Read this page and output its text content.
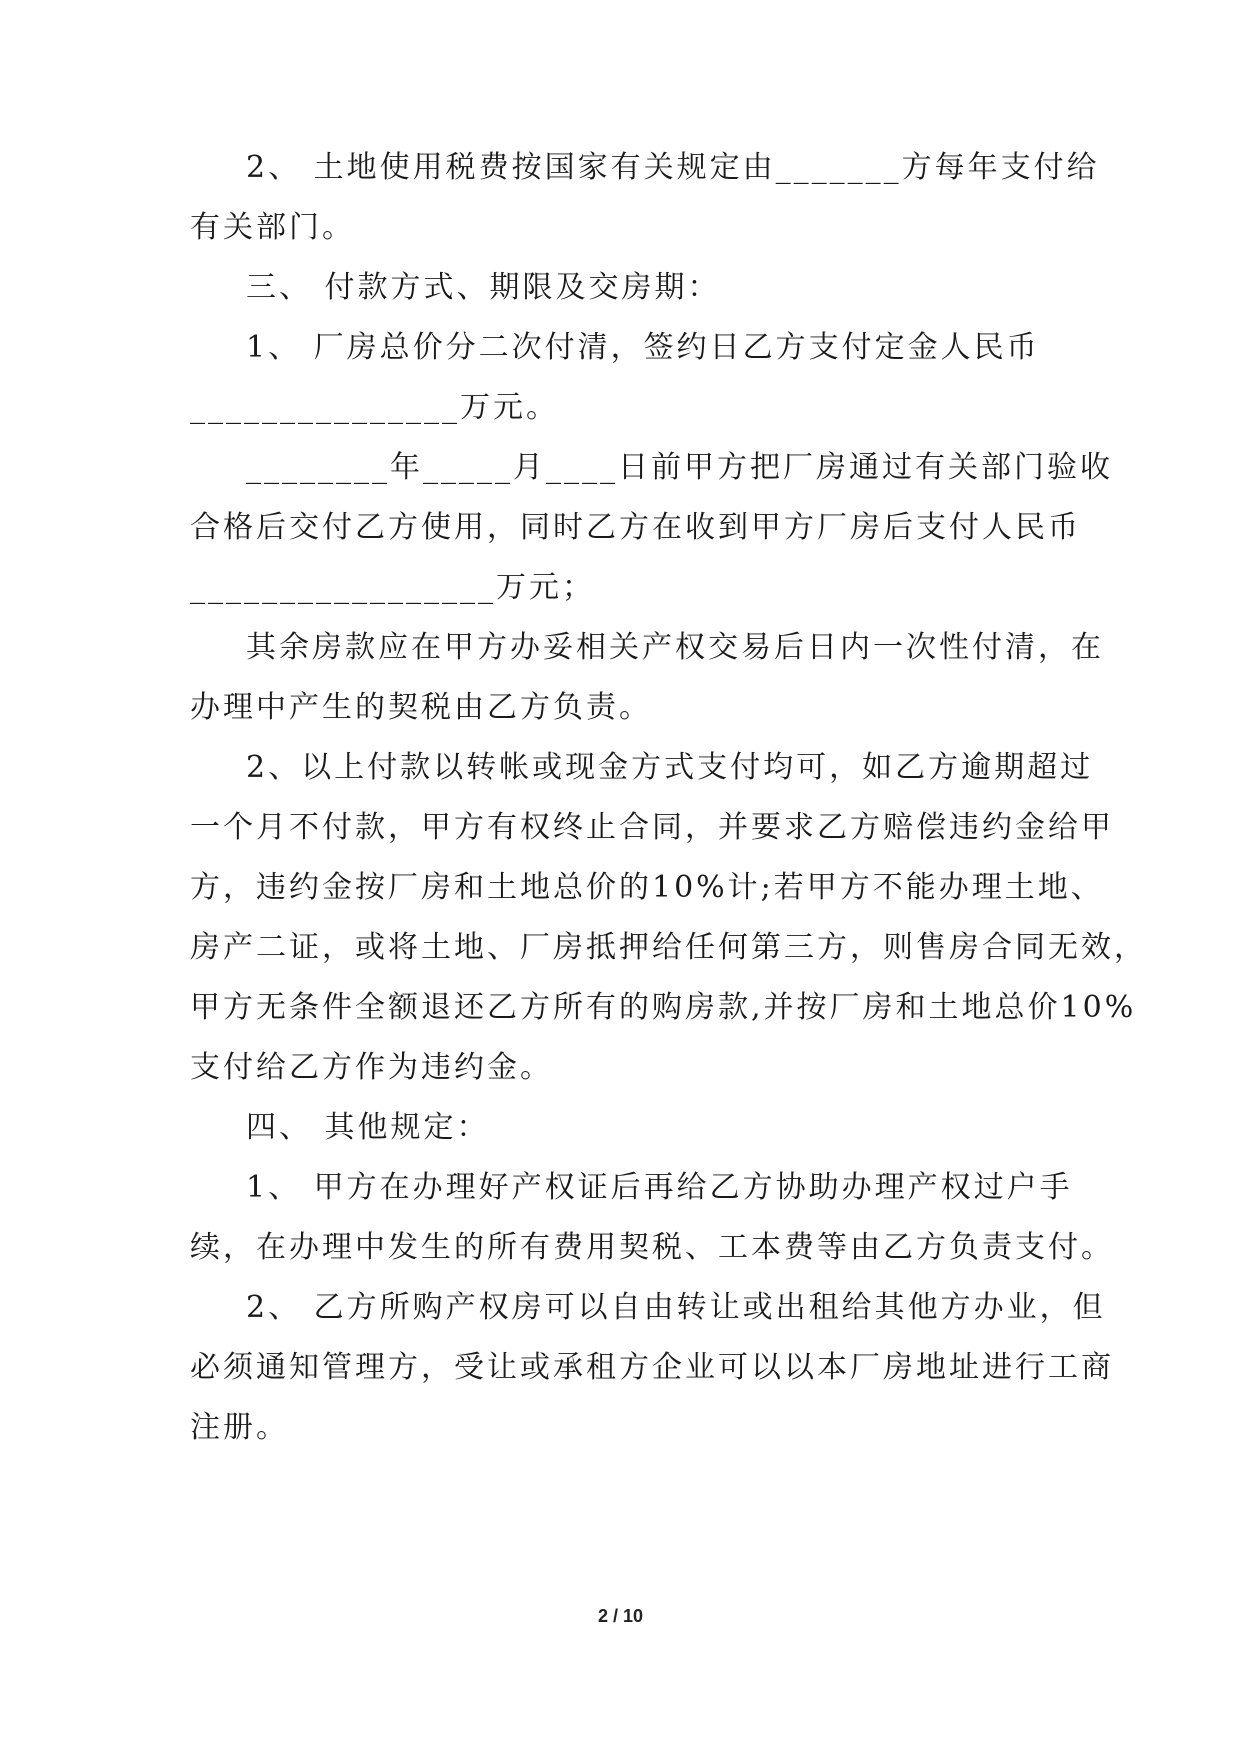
2、 土地使用税费按国家有关规定由_______方每年支付给
有关部门。
三、 付款方式、期限及交房期：
1、 厂房总价分二次付清，签约日乙方支付定金人民币
_______________万元。
________年_____月____日前甲方把厂房通过有关部门验收
合格后交付乙方使用，同时乙方在收到甲方厂房后支付人民币
_________________万元；
其余房款应在甲方办妥相关产权交易后日内一次性付清，在
办理中产生的契税由乙方负责。
2、以上付款以转帐或现金方式支付均可，如乙方逾期超过
一个月不付款，甲方有权终止合同，并要求乙方赔偿违约金给甲
方，违约金按厂房和土地总价的10%计;若甲方不能办理土地、
房产二证，或将土地、厂房抵押给任何第三方，则售房合同无效，
甲方无条件全额退还乙方所有的购房款,并按厂房和土地总价10%
支付给乙方作为违约金。
四、 其他规定：
1、 甲方在办理好产权证后再给乙方协助办理产权过户手
续，在办理中发生的所有费用契税、工本费等由乙方负责支付。
2、 乙方所购产权房可以自由转让或出租给其他方办业，但
必须通知管理方，受让或承租方企业可以以本厂房地址进行工商
注册。
2 / 10
